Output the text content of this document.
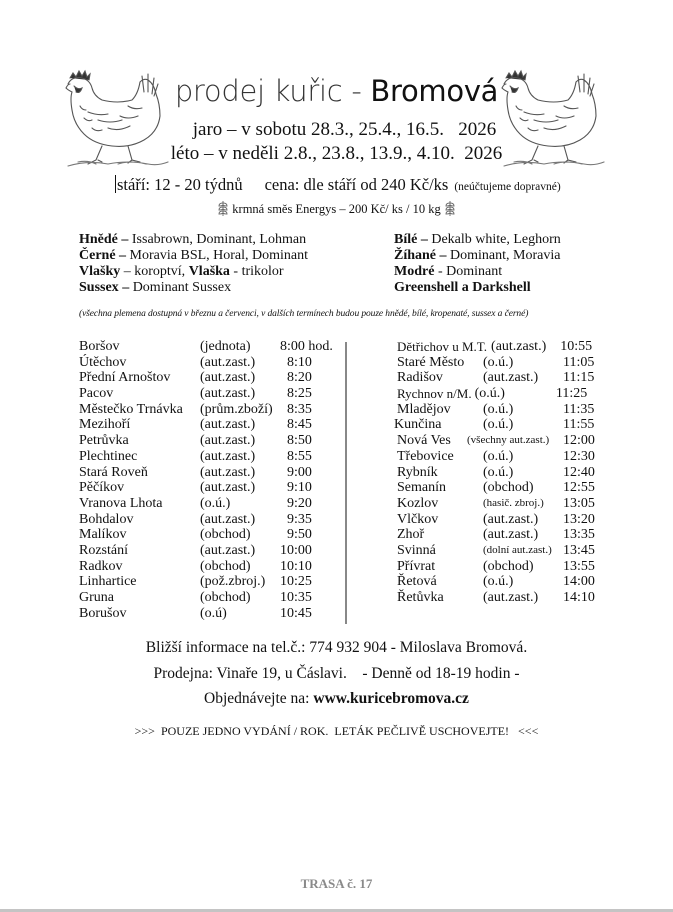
prodej kuřic - Bromová
jaro – v sobotu 28.3., 25.4., 16.5.   2026
léto – v neděli 2.8., 23.8., 13.9., 4.10.  2026
stáří: 12 - 20 týdnů cena: dle stáří od 240 Kč/ks (neúčtujeme dopravné)
krmná směs Energys – 200 Kč/ ks / 10 kg
Hnědé – Issabrown, Dominant, Lohman
Černé – Moravia BSL, Horal, Dominant
Vlašky – koroptví, Vlaška - trikolor
Sussex – Dominant Sussex
Bílé – Dekalb white, Leghorn
Žíhané – Dominant, Moravia
Modré - Dominant
Greenshell a Darkshell
(všechna plemena dostupná v březnu a červenci, v dalších termínech budou pouze hnědé, bílé, kropenaté, sussex a černé)
Boršov	(jednota)	8:00 hod.
Útěchov	(aut.zast.)	8:10
Přední Arnoštov	(aut.zast.)	8:20
Pacov	(aut.zast.)	8:25
Městečko Trnávka	(prům.zboží)	8:35
Mezihoří	(aut.zast.)	8:45
Petrůvka	(aut.zast.)	8:50
Plechtinec	(aut.zast.)	8:55
Stará Roveň	(aut.zast.)	9:00
Pěčíkov	(aut.zast.)	9:10
Vranova Lhota	(o.ú.)	9:20
Bohdalov	(aut.zast.)	9:35
Malíkov	(obchod)	9:50
Rozstání	(aut.zast.)	10:00
Radkov	(obchod)	10:10
Linhartice	(pož.zbroj.)	10:25
Gruna	(obchod)	10:35
Borušov	(o.ú)	10:45
Dětřichov u M.T. (aut.zast.) 10:55
Staré Město	(o.ú.)	11:05
Radišov	(aut.zast.)	11:15
Rychnov n/M. (o.ú.)	11:25
Mladějov	(o.ú.)	11:35
Kunčina	(o.ú.)	11:55
Nová Ves	(všechny aut.zast.) 12:00
Třebovice	(o.ú.)	12:30
Rybník	(o.ú.)	12:40
Semanín	(obchod)	12:55
Kozlov	(hasič. zbroj.)	13:05
Vlčkov	(aut.zast.)	13:20
Zhoř	(aut.zast.)	13:35
Svinná	(dolní aut.zast.) 13:45
Přívrat	(obchod)	13:55
Řetová	(o.ú.)	14:00
Řetůvka	(aut.zast.)	14:10
Bližší informace na tel.č.: 774 932 904 - Miloslava Bromová.
Prodejna: Vinaře 19, u Čáslavi.    - Denně od 18-19 hodin -
Objednávejte na: www.kuricebromova.cz
>>>  POUZE JEDNO VYDÁNÍ / ROK.  LETÁK PEČLIVĚ USCHOVEJTE!   <<<
TRASA č. 17
